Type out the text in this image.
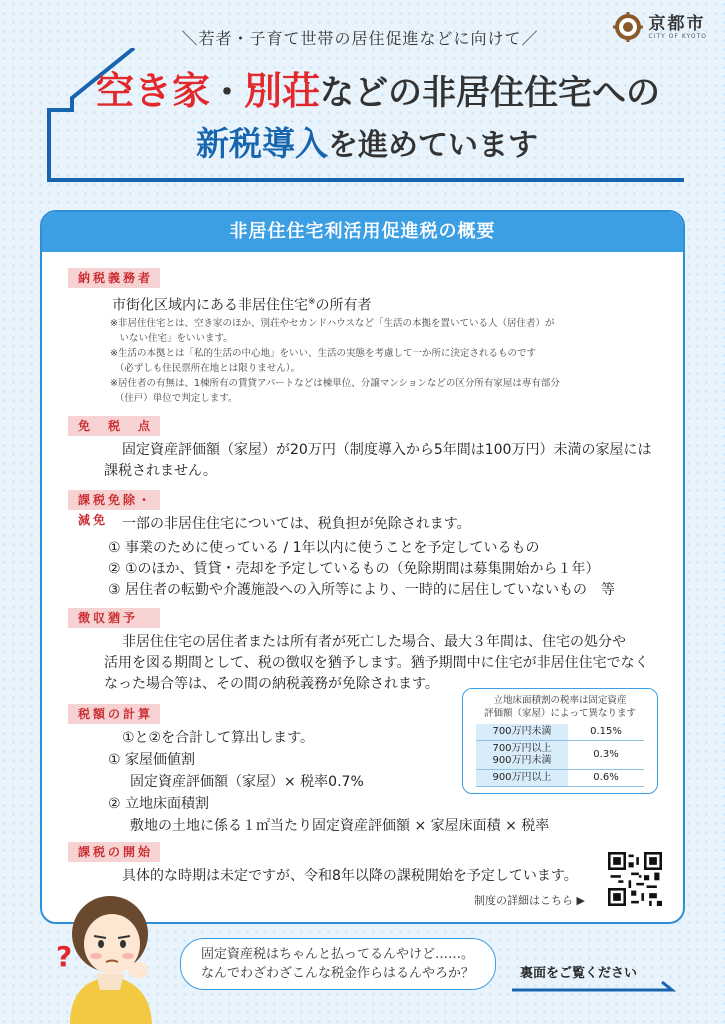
＼若者・子育て世帯の居住促進などに向けて／
京都市
CITY OF KYOTO
空き家・別荘などの非居住住宅への
新税導入を進めています
非居住住宅利活用促進税の概要
納税義務者
市街化区域内にある非居住住宅※の所有者
※非居住住宅とは、空き家のほか、別荘やセカンドハウスなど「生活の本拠を置いている人（居住者）が
　いない住宅」をいいます。
※生活の本拠とは「私的生活の中心地」をいい、生活の実態を考慮して一か所に決定されるものです
　（必ずしも住民票所在地とは限りません）。
※居住者の有無は、1棟所有の賃貸アパートなどは棟単位、分譲マンションなどの区分所有家屋は専有部分
　（住戸）単位で判定します。
免　税　点
固定資産評価額（家屋）が20万円（制度導入から5年間は100万円）未満の家屋には
課税されません。
課税免除・減免 一部の非居住住宅については、税負担が免除されます。
① 事業のために使っている / 1年以内に使うことを予定しているもの
② ①のほか、賃貸・売却を予定しているもの（免除期間は募集開始から１年）
③ 居住者の転勤や介護施設への入所等により、一時的に居住していないもの　等
徴収猶予
非居住住宅の居住者または所有者が死亡した場合、最大３年間は、住宅の処分や
活用を図る期間として、税の徴収を猶予します。猶予期間中に住宅が非居住住宅でなく
なった場合等は、その間の納税義務が免除されます。
税額の計算
①と②を合計して算出します。
① 家屋価値割
固定資産評価額（家屋）× 税率0.7%
② 立地床面積割
敷地の土地に係る１㎡当たり固定資産評価額 × 家屋床面積 × 税率
立地床面積割の税率は固定資産
評価額（家屋）によって異なります
700万円未満	0.15%

700万円以上
900万円未満	0.3%
900万円以上	0.6%
課税の開始
具体的な時期は未定ですが、令和8年以降の課税開始を予定しています。
制度の詳細はこちら ▶
?	固定資産税はちゃんと払ってるんやけど……。
なんでわざわざこんな税金作らはるんやろか？	裏面をご覧ください
